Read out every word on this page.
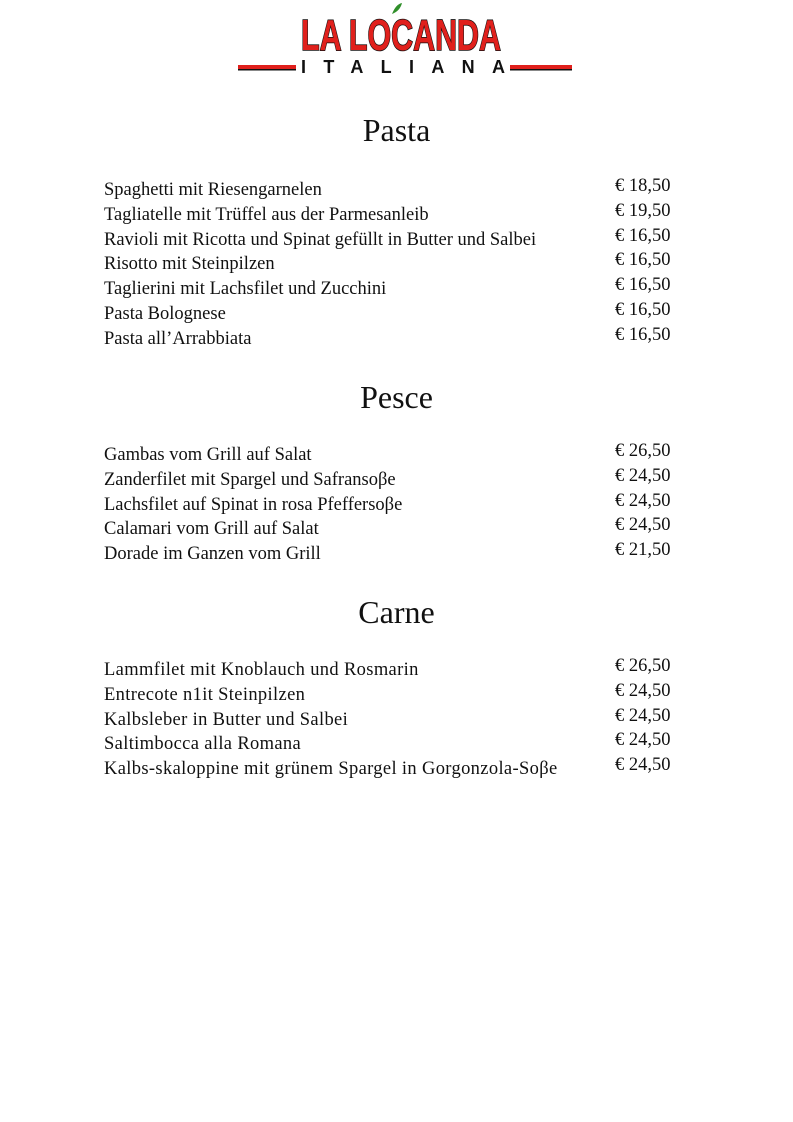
LA LOCANDA
ITALIANA
Pasta
Spaghetti mit Riesengarnelen	€ 18,50
Tagliatelle mit Trüffel aus der Parmesanleib	€ 19,50
Ravioli mit Ricotta und Spinat gefüllt in Butter und Salbei	€ 16,50
Risotto mit Steinpilzen	€ 16,50
Taglierini mit Lachsfilet und Zucchini	€ 16,50
Pasta Bolognese	€ 16,50
Pasta all’Arrabbiata	€ 16,50
Pesce
Gambas vom Grill auf Salat	€ 26,50
Zanderfilet mit Spargel und Safransoβe	€ 24,50
Lachsfilet auf Spinat in rosa Pfeffersoβe	€ 24,50
Calamari vom Grill auf Salat	€ 24,50
Dorade im Ganzen vom Grill	€ 21,50
Carne
Lammfilet mit Knoblauch und Rosmarin	€ 26,50
Entrecote n1it Steinpilzen	€ 24,50
Kalbsleber in Butter und Salbei	€ 24,50
Saltimbocca alla Romana	€ 24,50
Kalbs-skaloppine mit grünem Spargel in Gorgonzola-Soβe	€ 24,50
